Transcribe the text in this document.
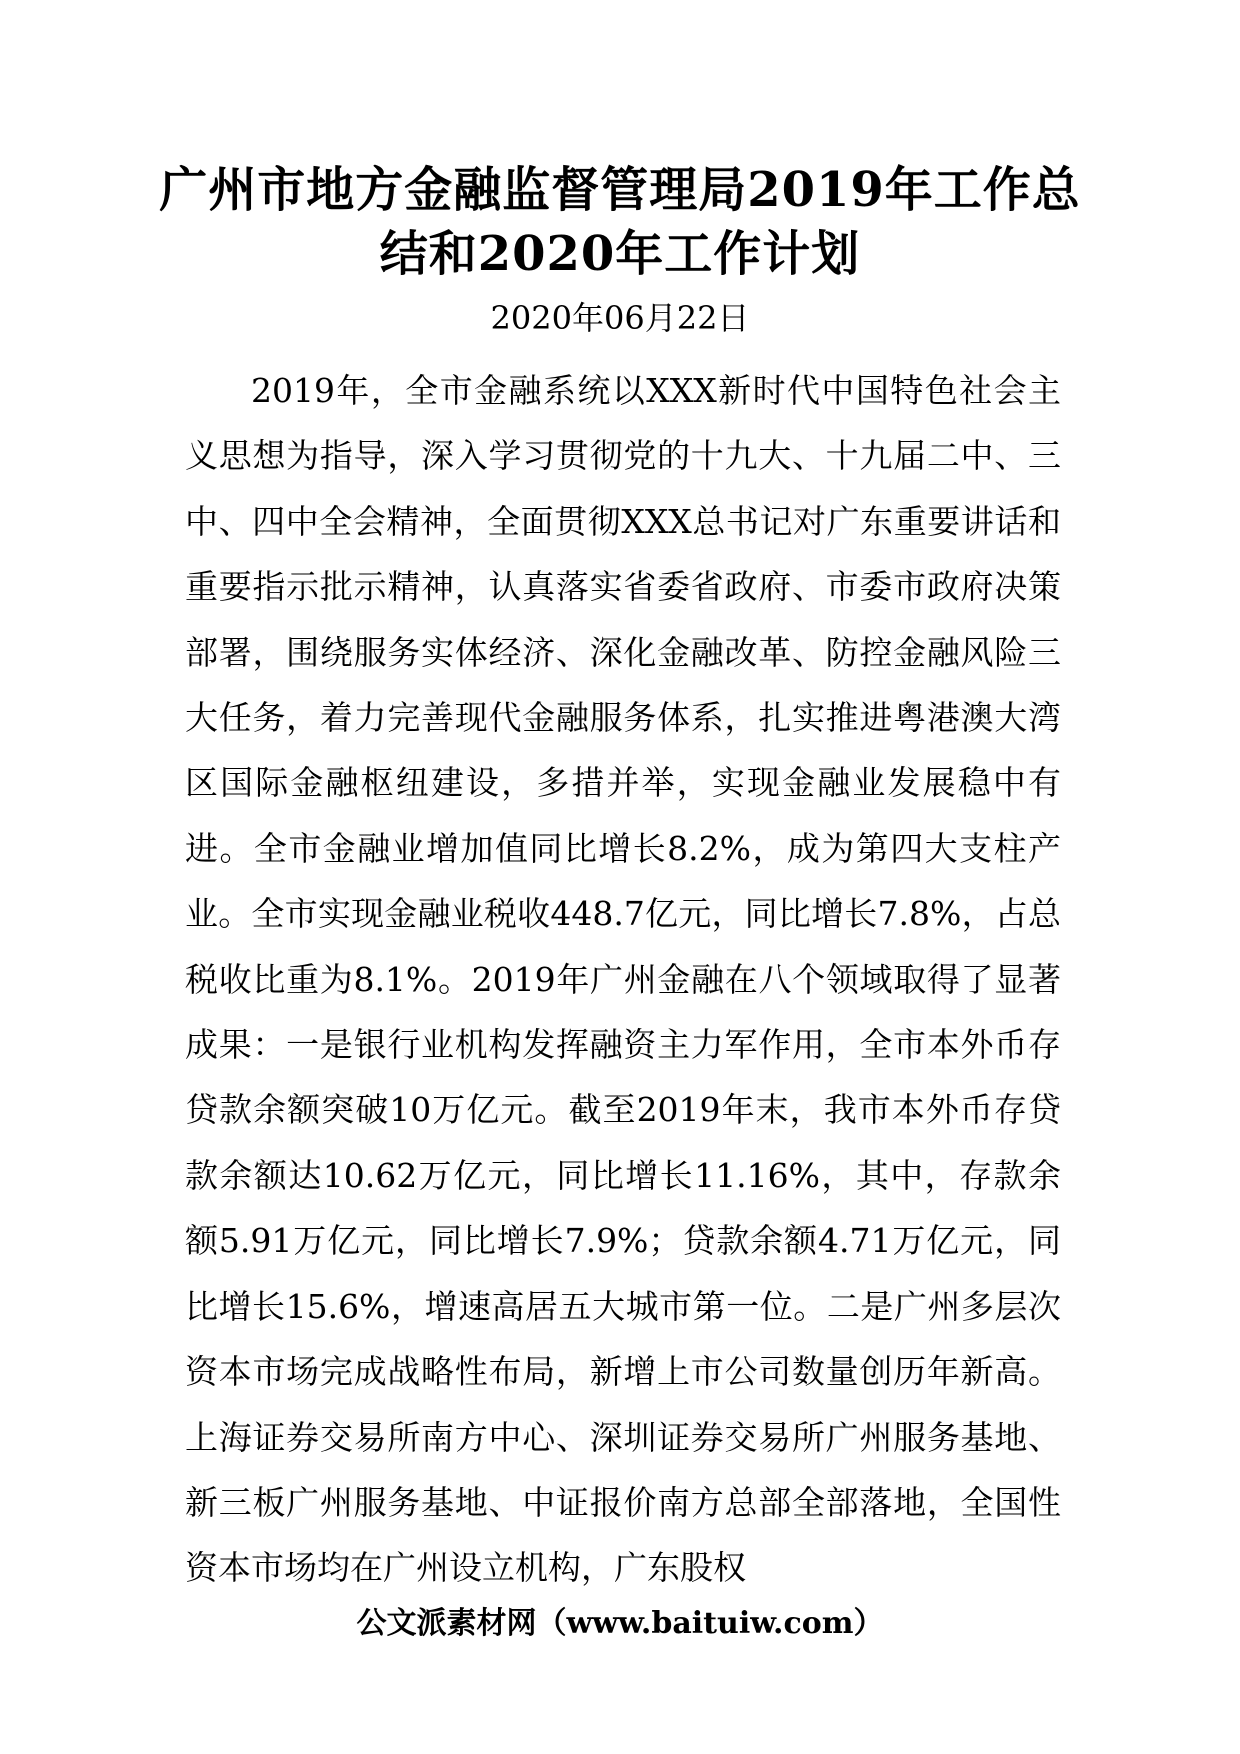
广州市地方金融监督管理局2019年工作总结和2020年工作计划
2020年06月22日

2019年，全市金融系统以XXX新时代中国特色社会主义思想为指导，深入学习贯彻党的十九大、十九届二中、三中、四中全会精神，全面贯彻XXX总书记对广东重要讲话和重要指示批示精神，认真落实省委省政府、市委市政府决策部署，围绕服务实体经济、深化金融改革、防控金融风险三大任务，着力完善现代金融服务体系，扎实推进粤港澳大湾区国际金融枢纽建设，多措并举，实现金融业发展稳中有进。全市金融业增加值同比增长8.2%，成为第四大支柱产业。全市实现金融业税收448.7亿元，同比增长7.8%，占总税收比重为8.1%。2019年广州金融在八个领域取得了显著成果：一是银行业机构发挥融资主力军作用，全市本外币存贷款余额突破10万亿元。截至2019年末，我市本外币存贷款余额达10.62万亿元，同比增长11.16%，其中，存款余额5.91万亿元，同比增长7.9%；贷款余额4.71万亿元，同比增长15.6%，增速高居五大城市第一位。二是广州多层次资本市场完成战略性布局，新增上市公司数量创历年新高。上海证券交易所南方中心、深圳证券交易所广州服务基地、新三板广州服务基地、中证报价南方总部全部落地，全国性资本市场均在广州设立机构，广东股权

公文派素材网（www.baituiw.com）
